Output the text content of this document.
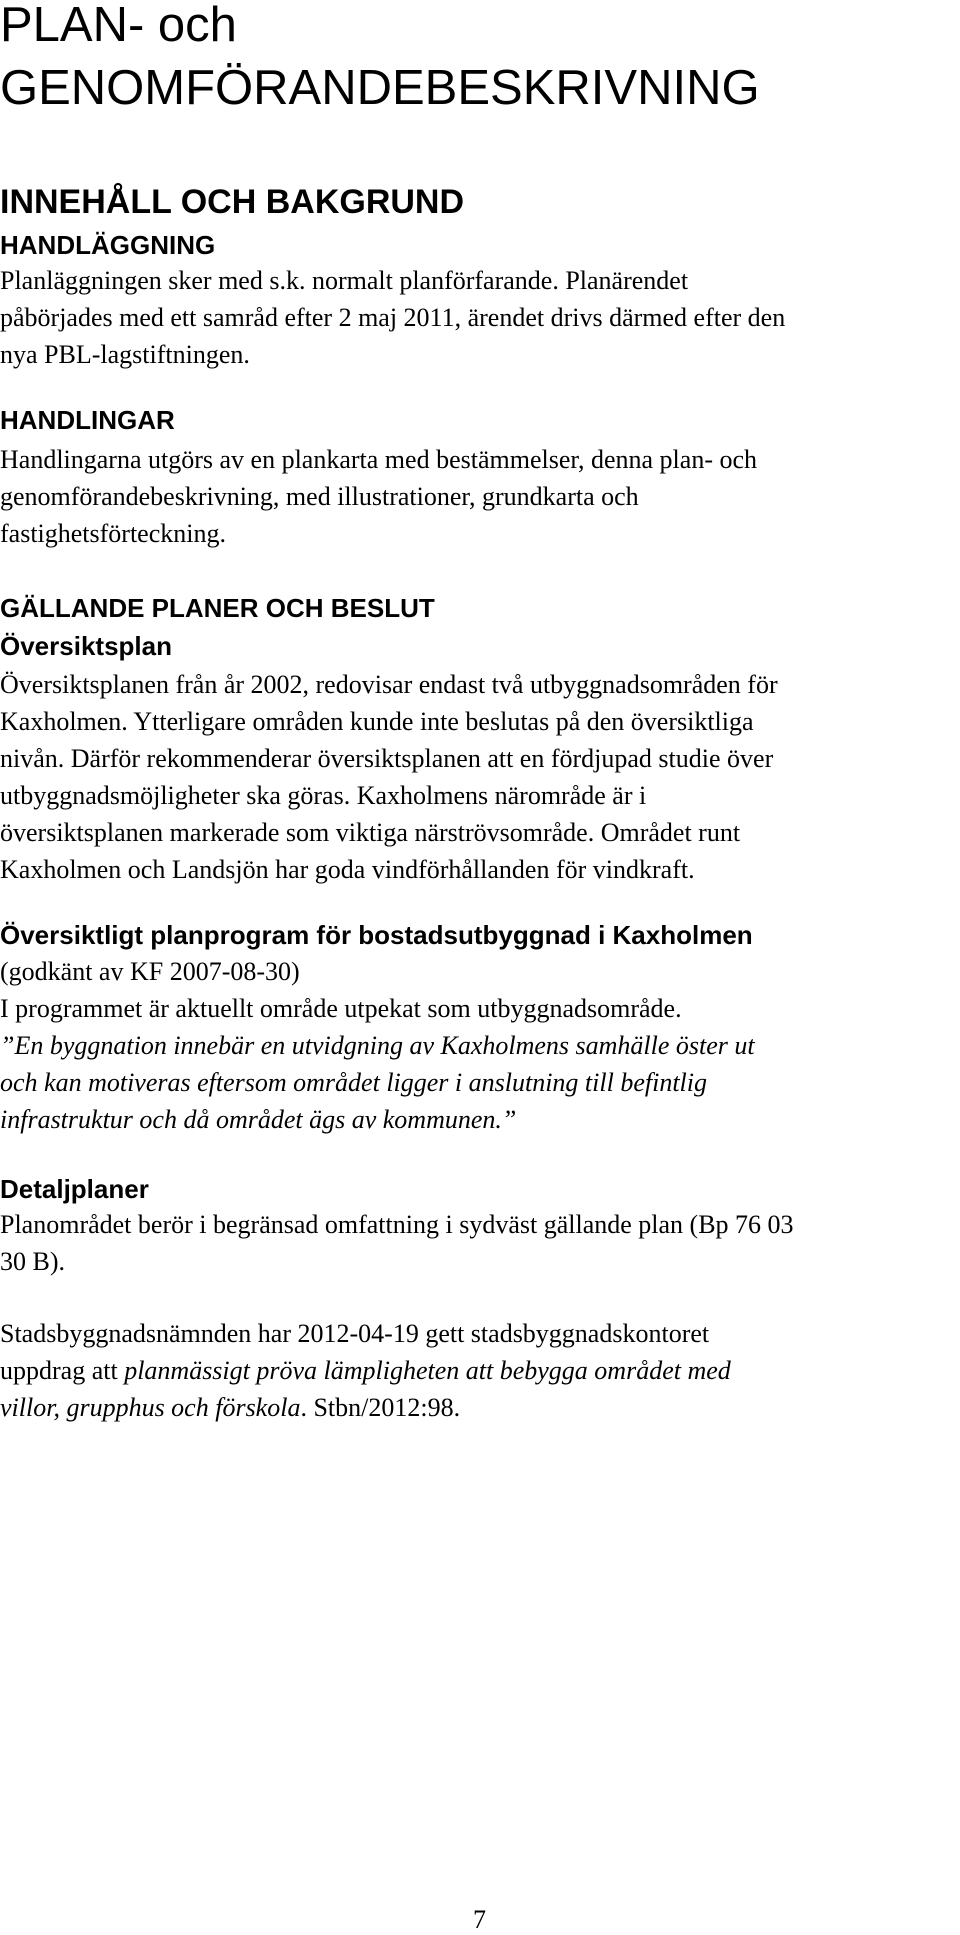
PLAN- och
GENOMFÖRANDEBESKRIVNING
INNEHÅLL OCH BAKGRUND
HANDLÄGGNING

Planläggningen sker med s.k. normalt planförfarande. Planärendet
påbörjades med ett samråd efter 2 maj 2011, ärendet drivs därmed efter den
nya PBL-lagstiftningen.

HANDLINGAR

Handlingarna utgörs av en plankarta med bestämmelser, denna plan- och
genomförandebeskrivning, med illustrationer, grundkarta och
fastighetsförteckning.

GÄLLANDE PLANER OCH BESLUT
Översiktsplan

Översiktsplanen från år 2002, redovisar endast två utbyggnadsområden för
Kaxholmen. Ytterligare områden kunde inte beslutas på den översiktliga
nivån. Därför rekommenderar översiktsplanen att en fördjupad studie över
utbyggnadsmöjligheter ska göras. Kaxholmens närområde är i
översiktsplanen markerade som viktiga närströvsområde. Området runt
Kaxholmen och Landsjön har goda vindförhållanden för vindkraft.

Översiktligt planprogram för bostadsutbyggnad i Kaxholmen

(godkänt av KF 2007-08-30)
I programmet är aktuellt område utpekat som utbyggnadsområde.
”En byggnation innebär en utvidgning av Kaxholmens samhälle öster ut
och kan motiveras eftersom området ligger i anslutning till befintlig
infrastruktur och då området ägs av kommunen.”

Detaljplaner

Planområdet berör i begränsad omfattning i sydväst gällande plan (Bp 76 03
30 B).

Stadsbyggnadsnämnden har 2012-04-19 gett stadsbyggnadskontoret
uppdrag att planmässigt pröva lämpligheten att bebygga området med
villor, grupphus och förskola. Stbn/2012:98.

7
